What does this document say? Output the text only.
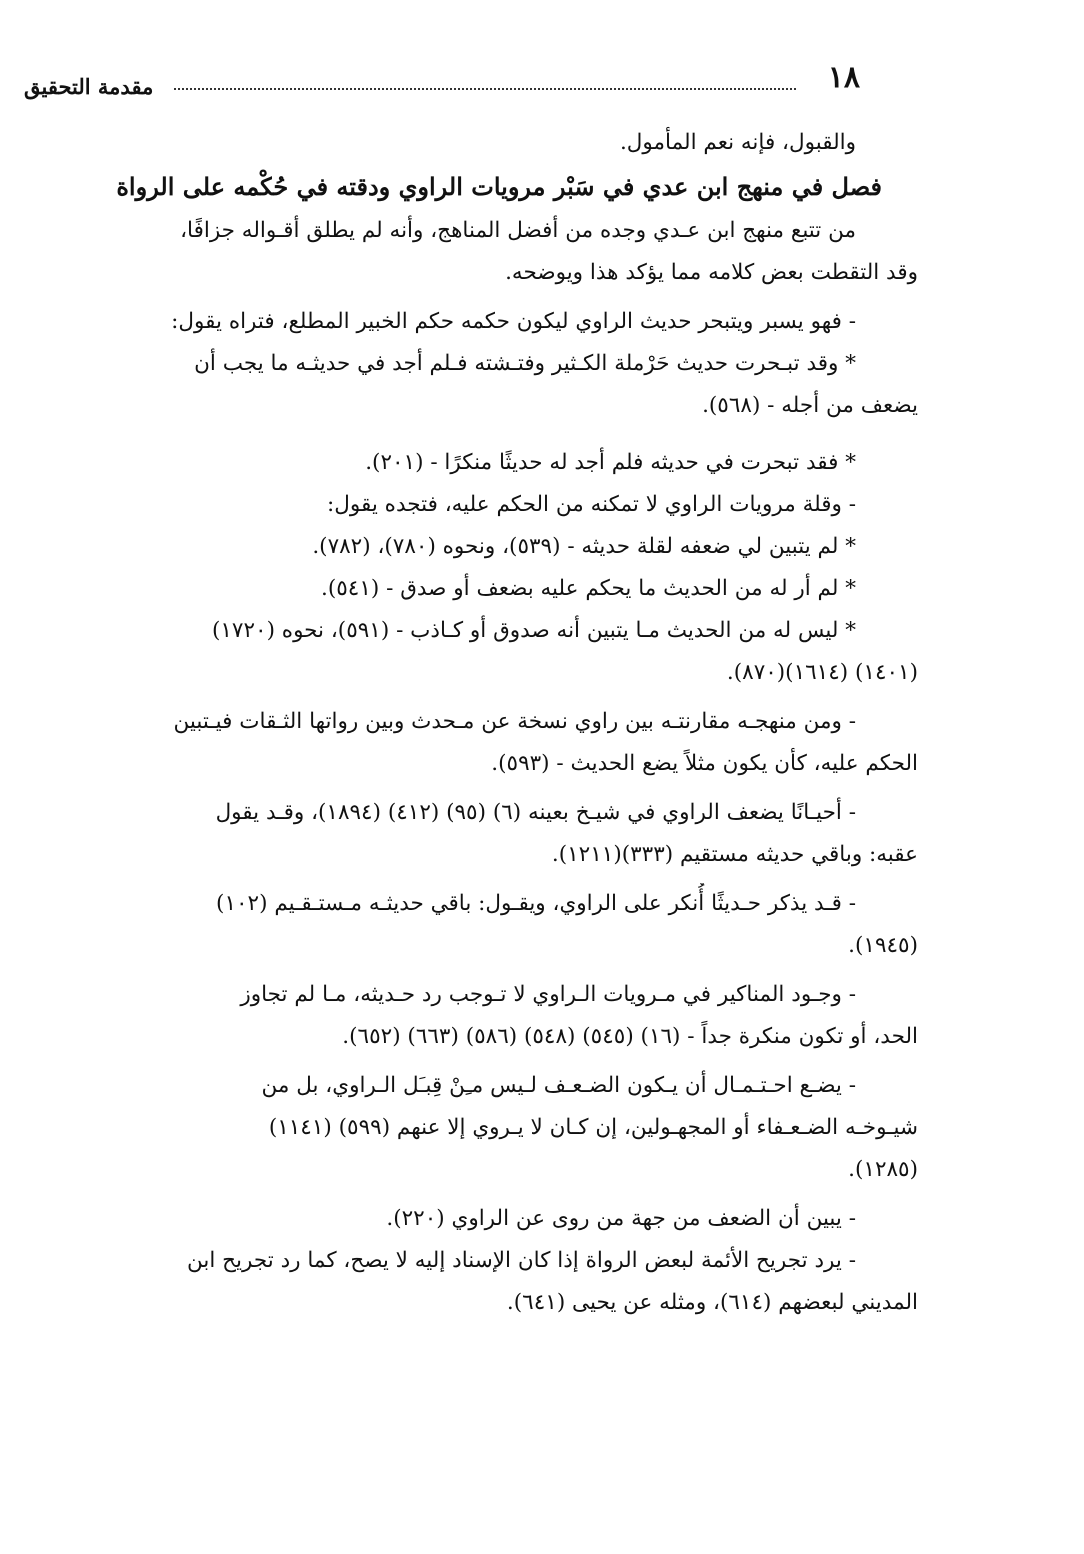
١٨
مقدمة التحقيق

والقبول، فإنه نعم المأمول.

فصل في منهج ابن عدي في سَبْر مرويات الراوي ودقته في حُكْمه على الرواة

من تتبع منهج ابن عـدي وجده من أفضل المناهج، وأنه لم يطلق أقـواله جزافًا،

وقد التقطت بعض كلامه مما يؤكد هذا ويوضحه.

- فهو يسبر ويتبحر حديث الراوي ليكون حكمه حكم الخبير المطلع، فتراه يقول:

* وقد تبـحرت حديث حَرْملة الكـثير وفتـشته فـلم أجد في حديثـه ما يجب أن

يضعف من أجله - (٥٦٨).

* فقد تبحرت في حديثه فلم أجد له حديثًا منكرًا - (٢٠١).

- وقلة مرويات الراوي لا تمكنه من الحكم عليه، فتجده يقول:

* لم يتبين لي ضعفه لقلة حديثه - (٥٣٩)، ونحوه (٧٨٠)، (٧٨٢).

* لم أر له من الحديث ما يحكم عليه بضعف أو صدق - (٥٤١).

* ليس له من الحديث مـا يتبين أنه صدوق أو كـاذب - (٥٩١)، نحوه (١٧٢٠)

(١٤٠١) (١٦١٤)(٨٧٠).

- ومن منهجـه مقارنتـه بين راوي نسخة عن مـحدث وبين رواتها الثـقات فيـتبين

الحكم عليه، كأن يكون مثلاً يضع الحديث - (٥٩٣).

- أحيـانًا يضعف الراوي في شيـخ بعينه (٦) (٩٥) (٤١٢) (١٨٩٤)، وقـد يقول

عقبه: وباقي حديثه مستقيم (٣٣٣)(١٢١١).

- قـد يذكر حـديثًا أُنكر على الراوي، ويقـول: باقي حديثـه مـستـقـيم (١٠٢)

(١٩٤٥).

- وجـود المناكير في مـرويات الـراوي لا تـوجب رد حـديثه، مـا لم تجاوز

الحد، أو تكون منكرة جداً - (١٦) (٥٤٥) (٥٤٨) (٥٨٦) (٦٦٣) (٦٥٢).

- يضـع احـتـمـال أن يـكون الضـعـف لـيس مـِنْ قِبـَل الـراوي، بل من

شيـوخـه الضـعـفاء أو المجهـولين، إن كـان لا يـروي إلا عنهم (٥٩٩) (١١٤١)

(١٢٨٥).

- يبين أن الضعف من جهة من روى عن الراوي (٢٢٠).

- يرد تجريح الأئمة لبعض الرواة إذا كان الإسناد إليه لا يصح، كما رد تجريح ابن

المديني لبعضهم (٦١٤)، ومثله عن يحيى (٦٤١).
